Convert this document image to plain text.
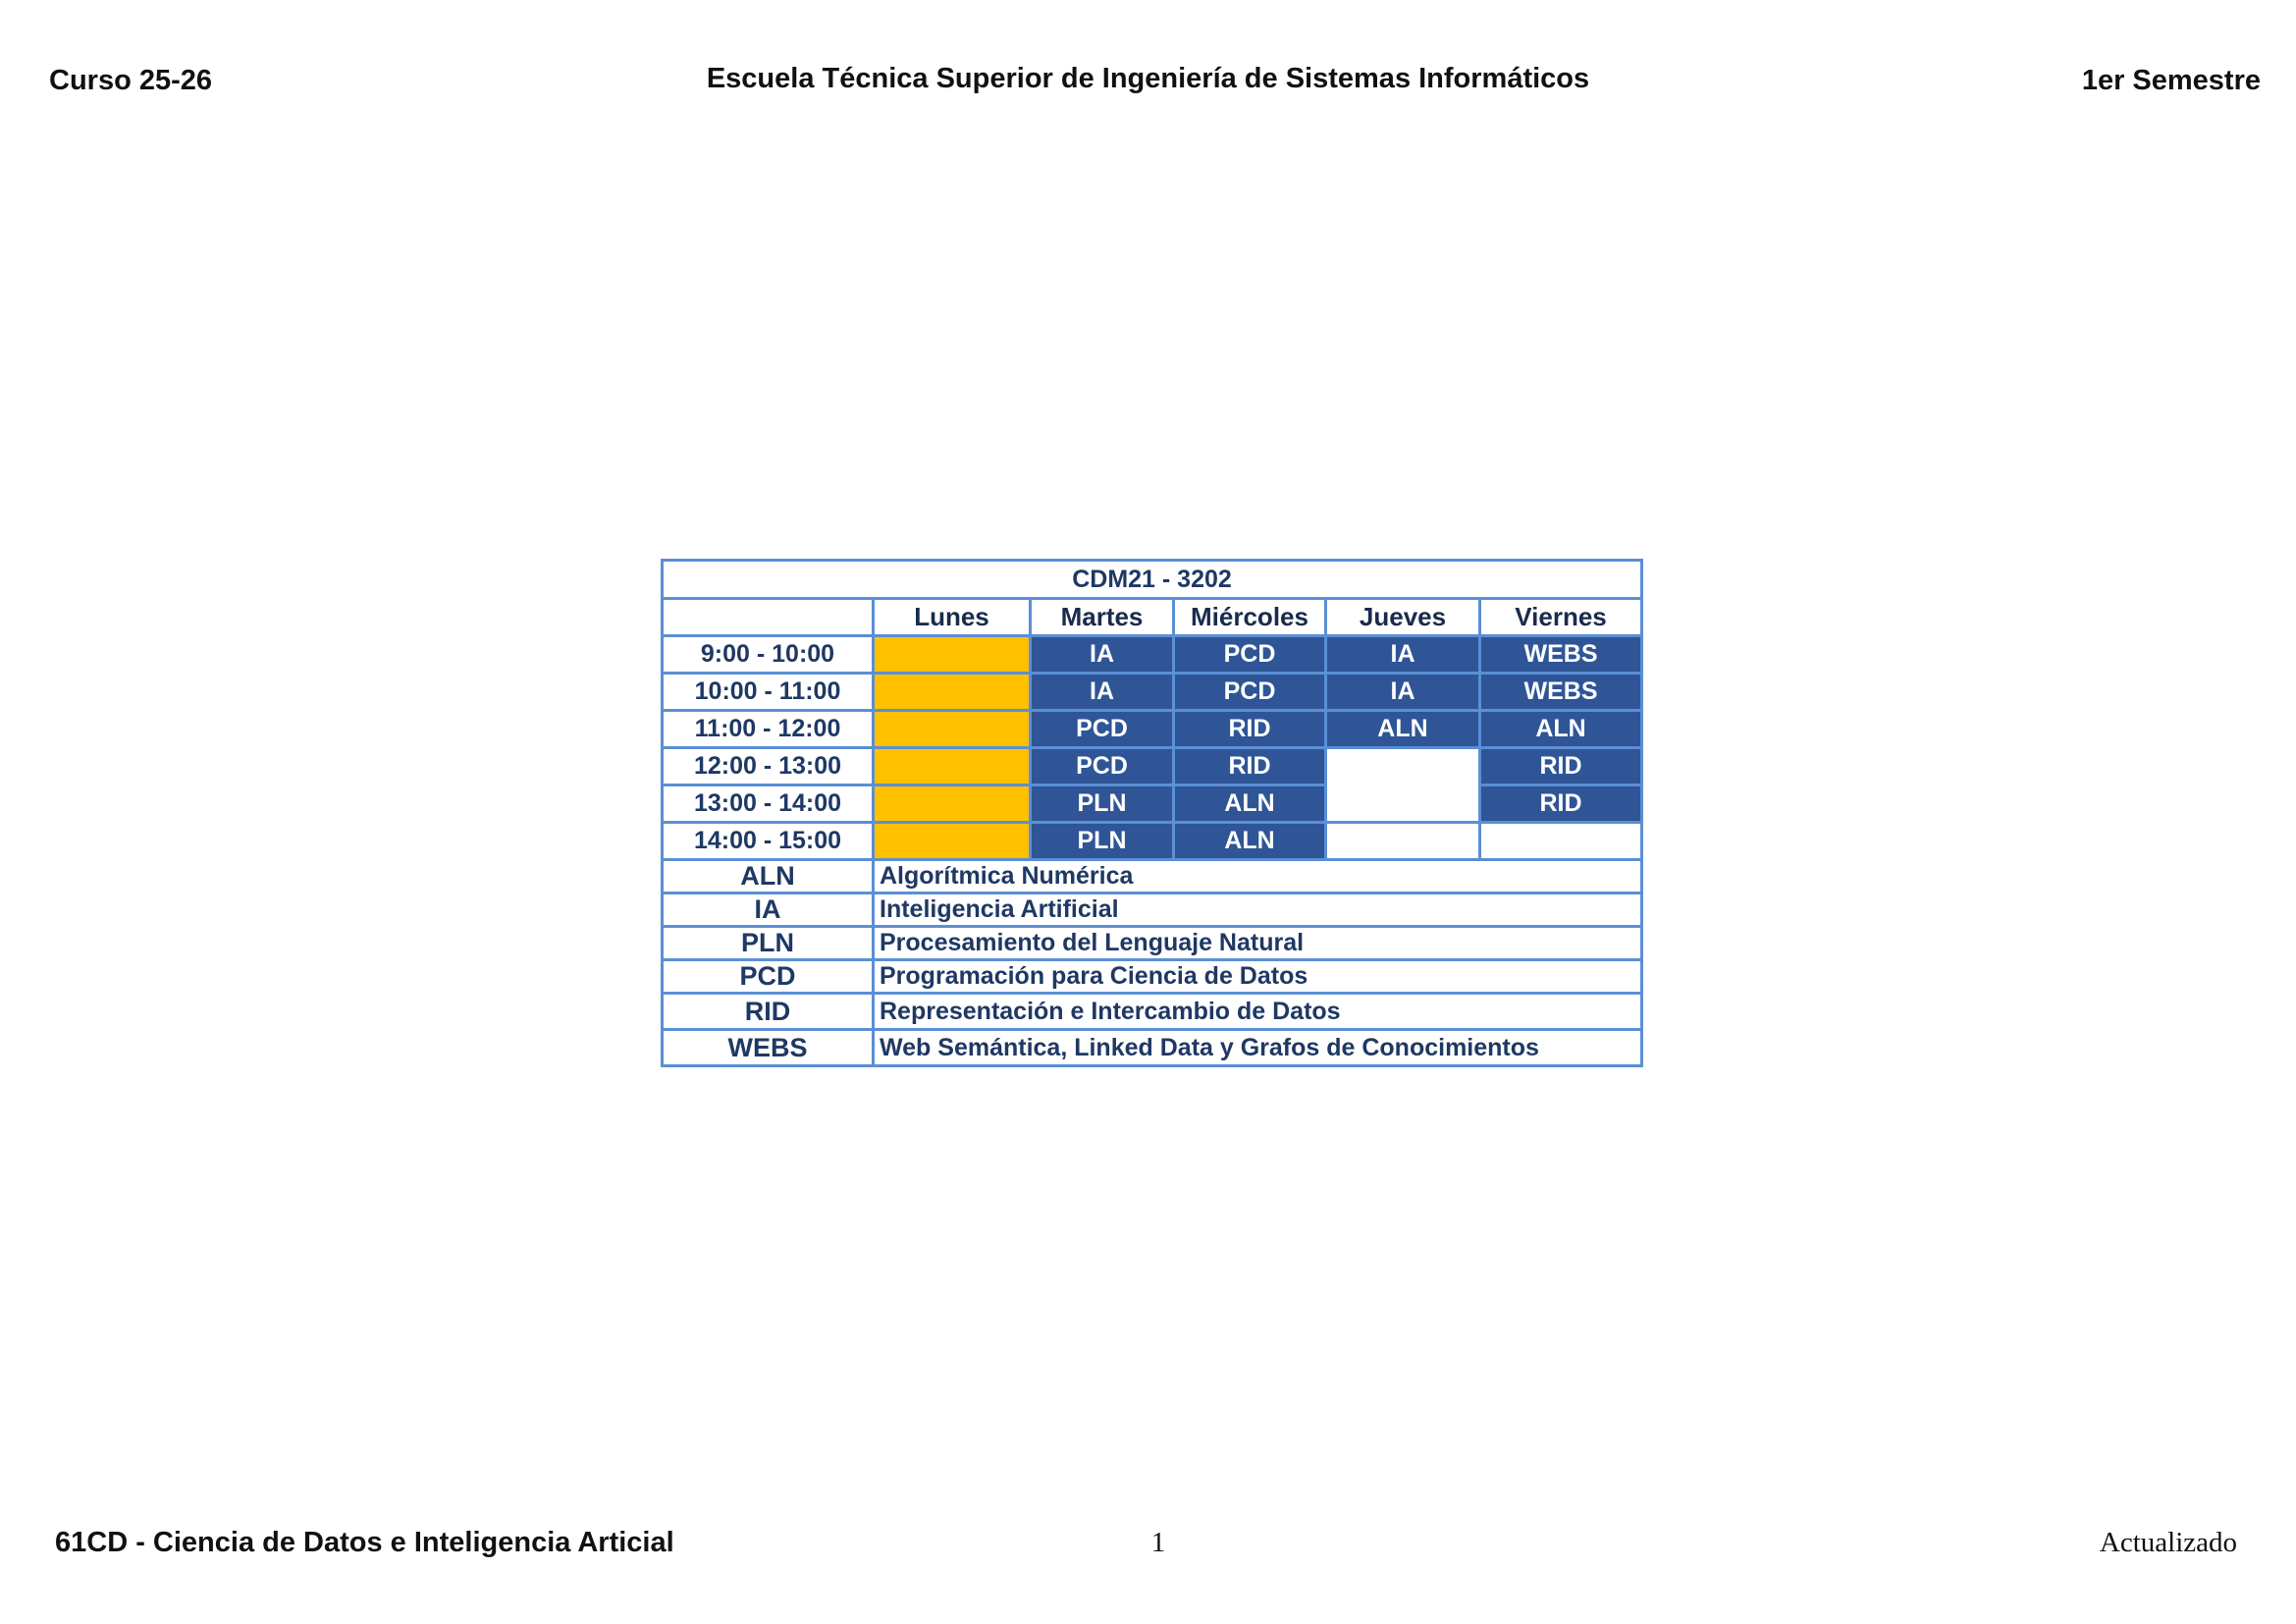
Curso 25-26	Escuela Técnica Superior de Ingeniería de Sistemas Informáticos	1er Semestre
CDM21 - 3202					
	Lunes	Martes	Miércoles	Jueves	Viernes
9:00 - 10:00		IA	PCD	IA	WEBS
10:00 - 11:00		IA	PCD	IA	WEBS
11:00 - 12:00		PCD	RID	ALN	ALN
12:00 - 13:00		PCD	RID		RID
13:00 - 14:00		PLN	ALN		RID
14:00 - 15:00		PLN	ALN		
ALN	Algorítmica Numérica				
IA	Inteligencia Artificial				
PLN	Procesamiento del Lenguaje Natural				
PCD	Programación para Ciencia de Datos				
RID	Representación e Intercambio de Datos				
WEBS	Web Semántica, Linked Data y Grafos de Conocimientos				
61CD - Ciencia de Datos e Inteligencia Articial	1	Actualizado
